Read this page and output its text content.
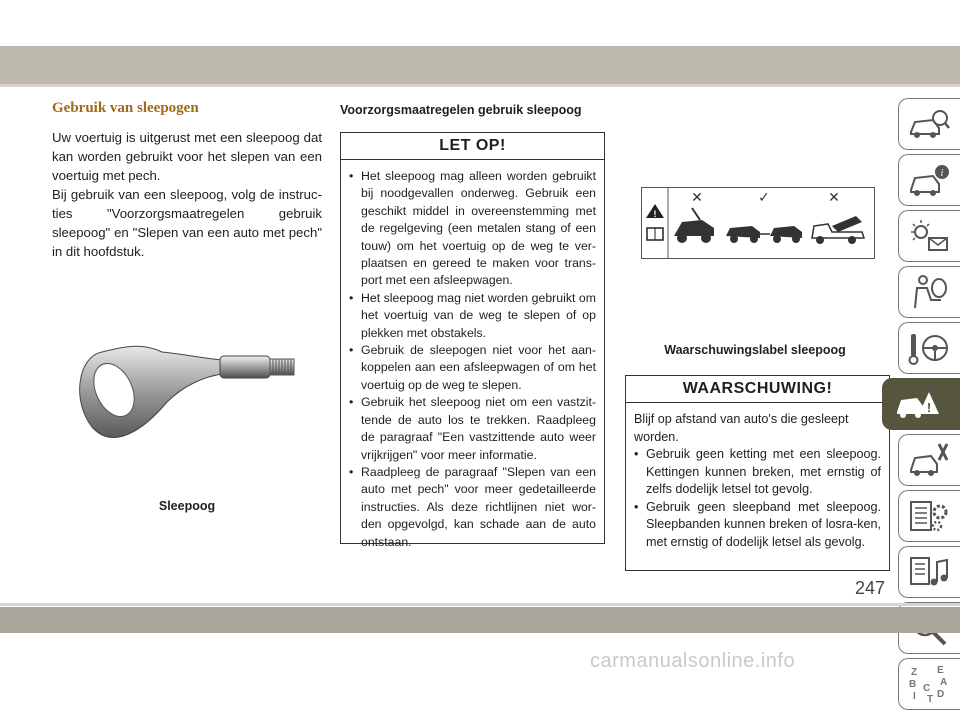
Gebruik van sleepogen

Uw voertuig is uitgerust met een sleepoog dat kan worden gebruikt voor het slepen van een voertuig met pech.

Bij gebruik van een sleepoog, volg de instruc-ties "Voorzorgsmaatregelen gebruik sleepoog" en "Slepen van een auto met pech" in dit hoofdstuk.

Sleepoog
Voorzorgsmaatregelen gebruik sleepoog
LET OP!
• Het sleepoog mag alleen worden gebruikt bij noodgevallen onderweg. Gebruik een geschikt middel in overeenstemming met de regelgeving (een metalen stang of een touw) om het voertuig op de weg te ver-plaatsen en gereed te maken voor trans-port met een afsleepwagen.
• Het sleepoog mag niet worden gebruikt om het voertuig van de weg te slepen of op plekken met obstakels.
• Gebruik de sleepogen niet voor het aan-koppelen aan een afsleepwagen of om het voertuig op de weg te slepen.
• Gebruik het sleepoog niet om een vastzit-tende de auto los te trekken. Raadpleeg de paragraaf "Een vastzittende auto weer vrijkrijgen" voor meer informatie.
• Raadpleeg de paragraaf "Slepen van een auto met pech" voor meer gedetailleerde instructies. Als deze richtlijnen niet wor-den opgevolgd, kan schade aan de auto ontstaan.
!
✕	✓	✕
Waarschuwingslabel sleepoog
WAARSCHUWING!

Blijf op afstand van auto's die gesleept worden.

• Gebruik geen ketting met een sleepoog. Kettingen kunnen breken, met ernstig of zelfs dodelijk letsel tot gevolg.
• Gebruik geen sleepband met sleepoog. Sleepbanden kunnen breken of losra-ken, met ernstig of dodelijk letsel als gevolg.
i
!
Z E
B A
C
D
I T
247
carmanualsonline.info
